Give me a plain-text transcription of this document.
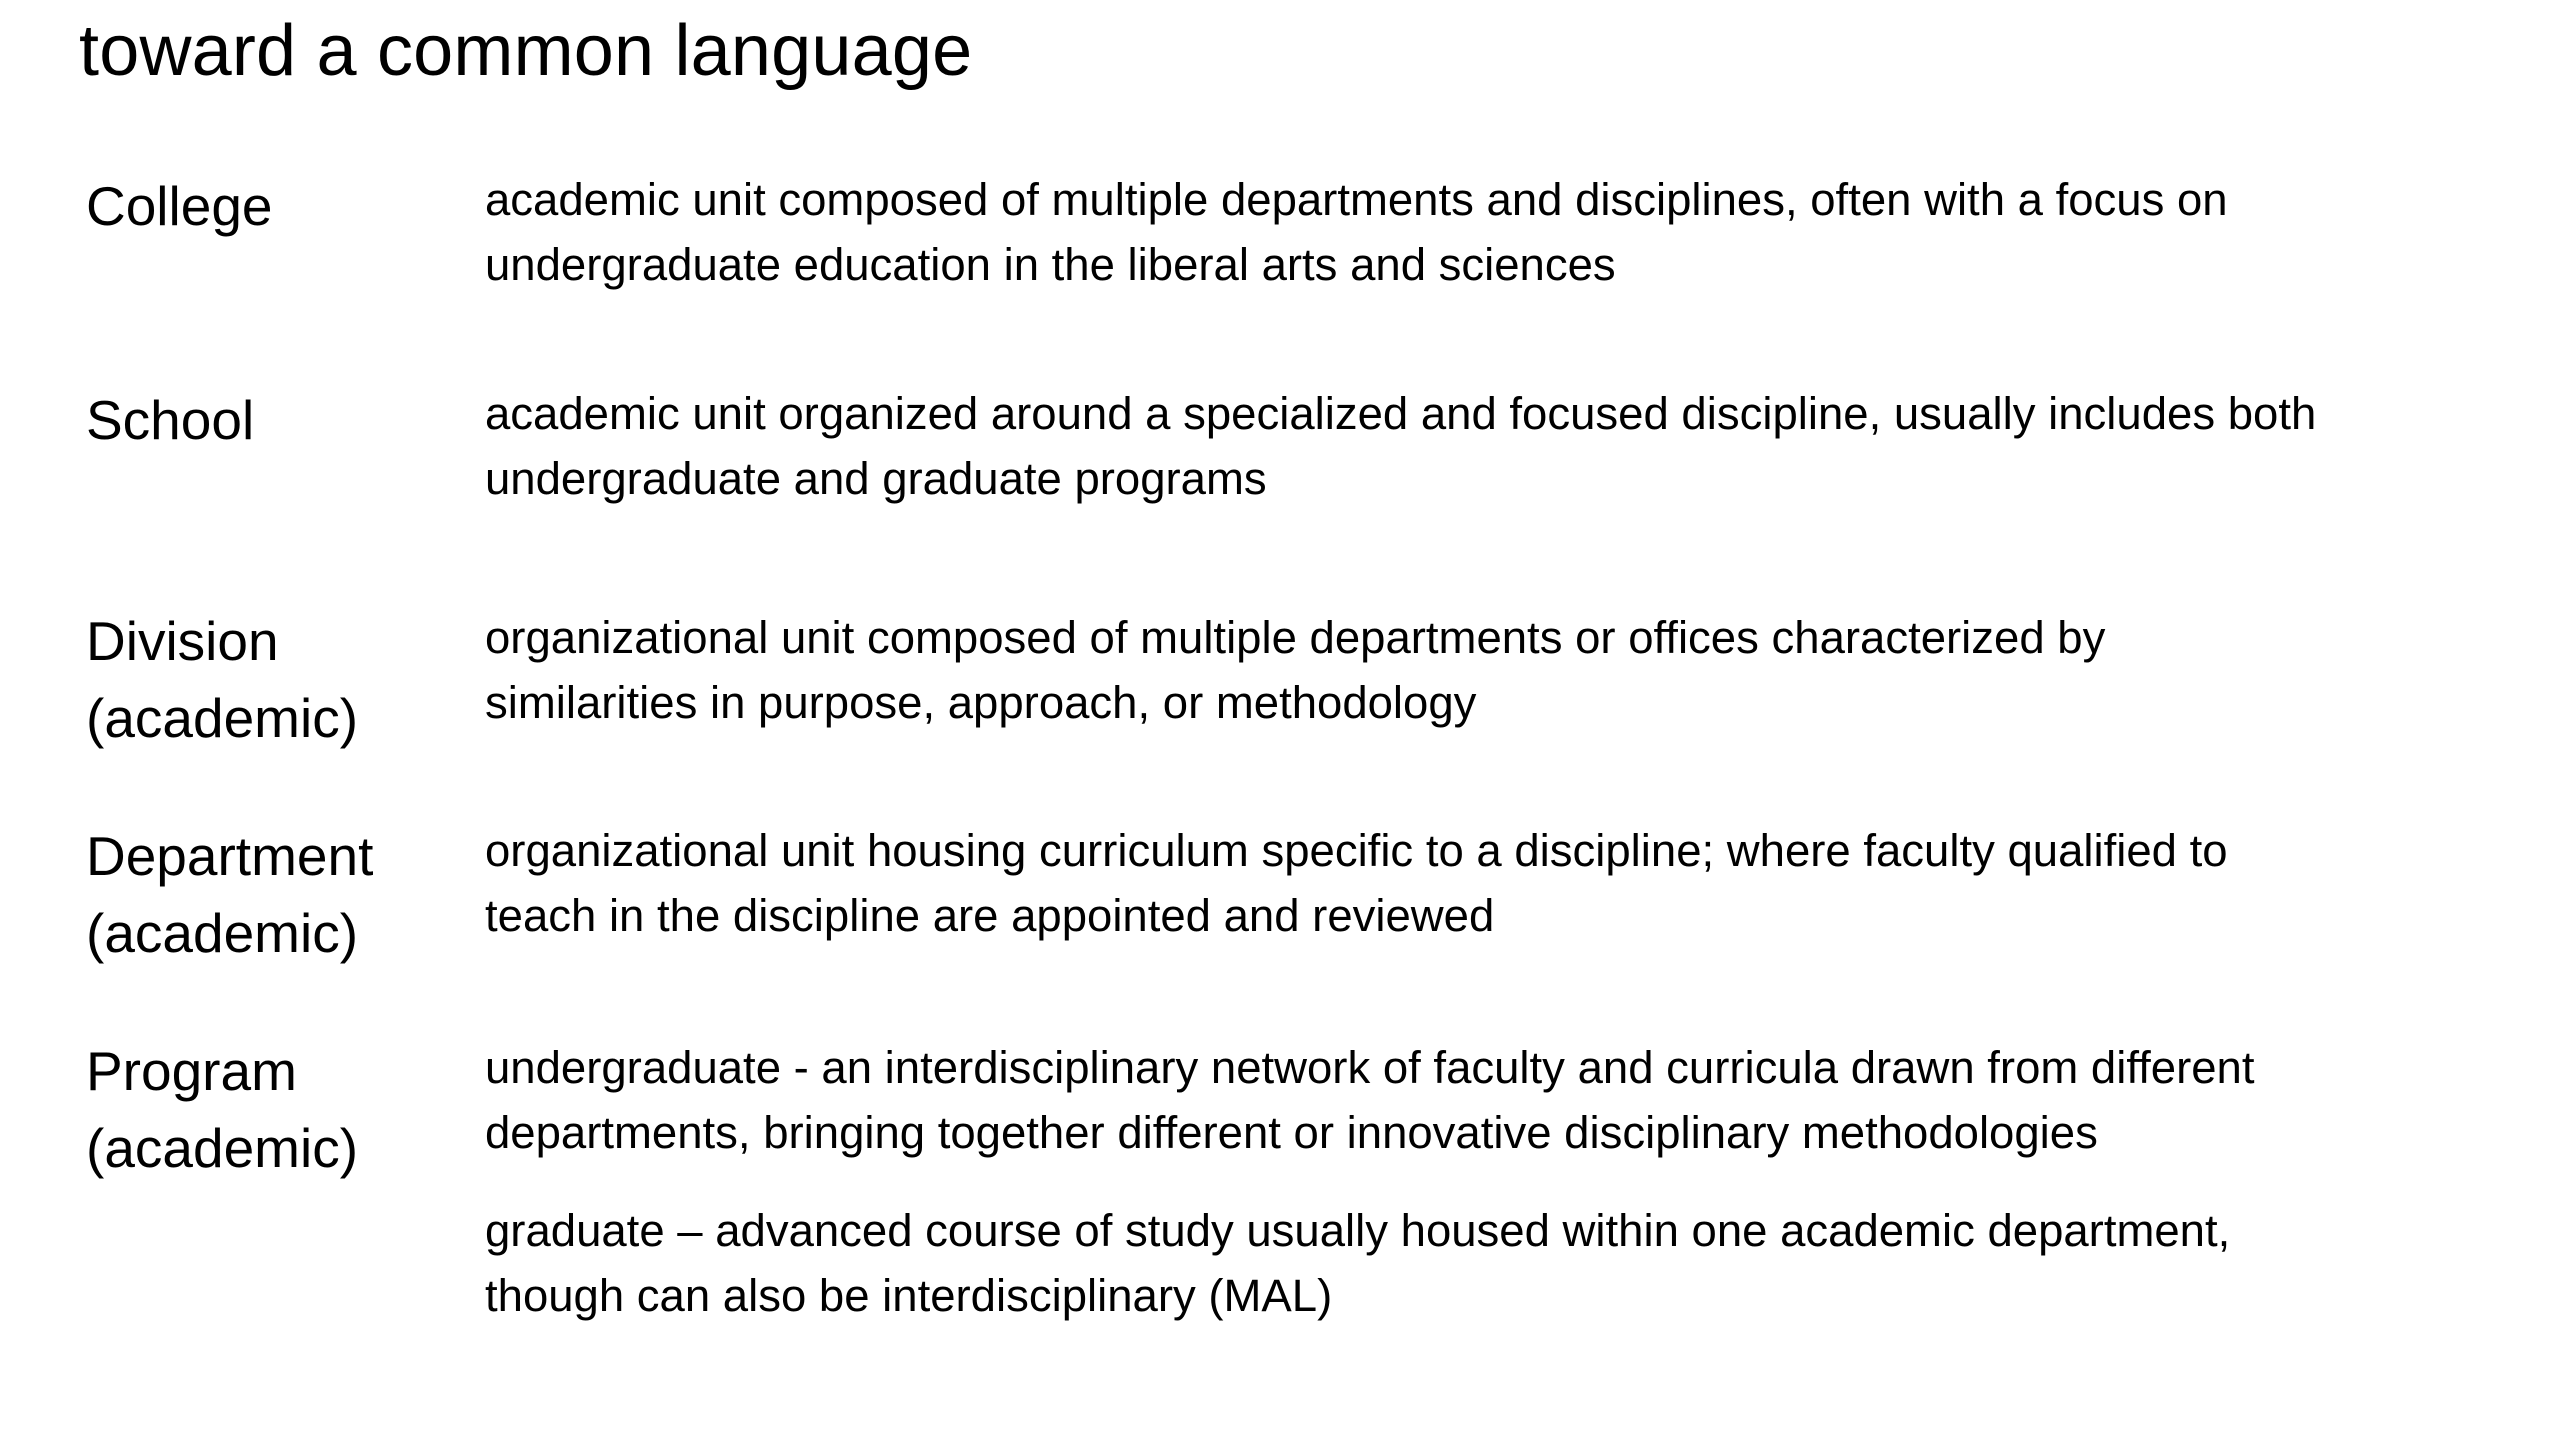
toward a common language
College	academic unit composed of multiple departments and disciplines, often with a focus on
undergraduate education in the liberal arts and sciences
School	academic unit organized around a specialized and focused discipline, usually includes both
undergraduate and graduate programs
Division
(academic)
organizational unit composed of multiple departments or offices characterized by
similarities in purpose, approach, or methodology
Department
(academic)
organizational unit housing curriculum specific to a discipline; where faculty qualified to
teach in the discipline are appointed and reviewed
Program
(academic)
undergraduate - an interdisciplinary network of faculty and curricula drawn from different
departments, bringing together different or innovative disciplinary methodologies
graduate – advanced course of study usually housed within one academic department,
though can also be interdisciplinary (MAL)
